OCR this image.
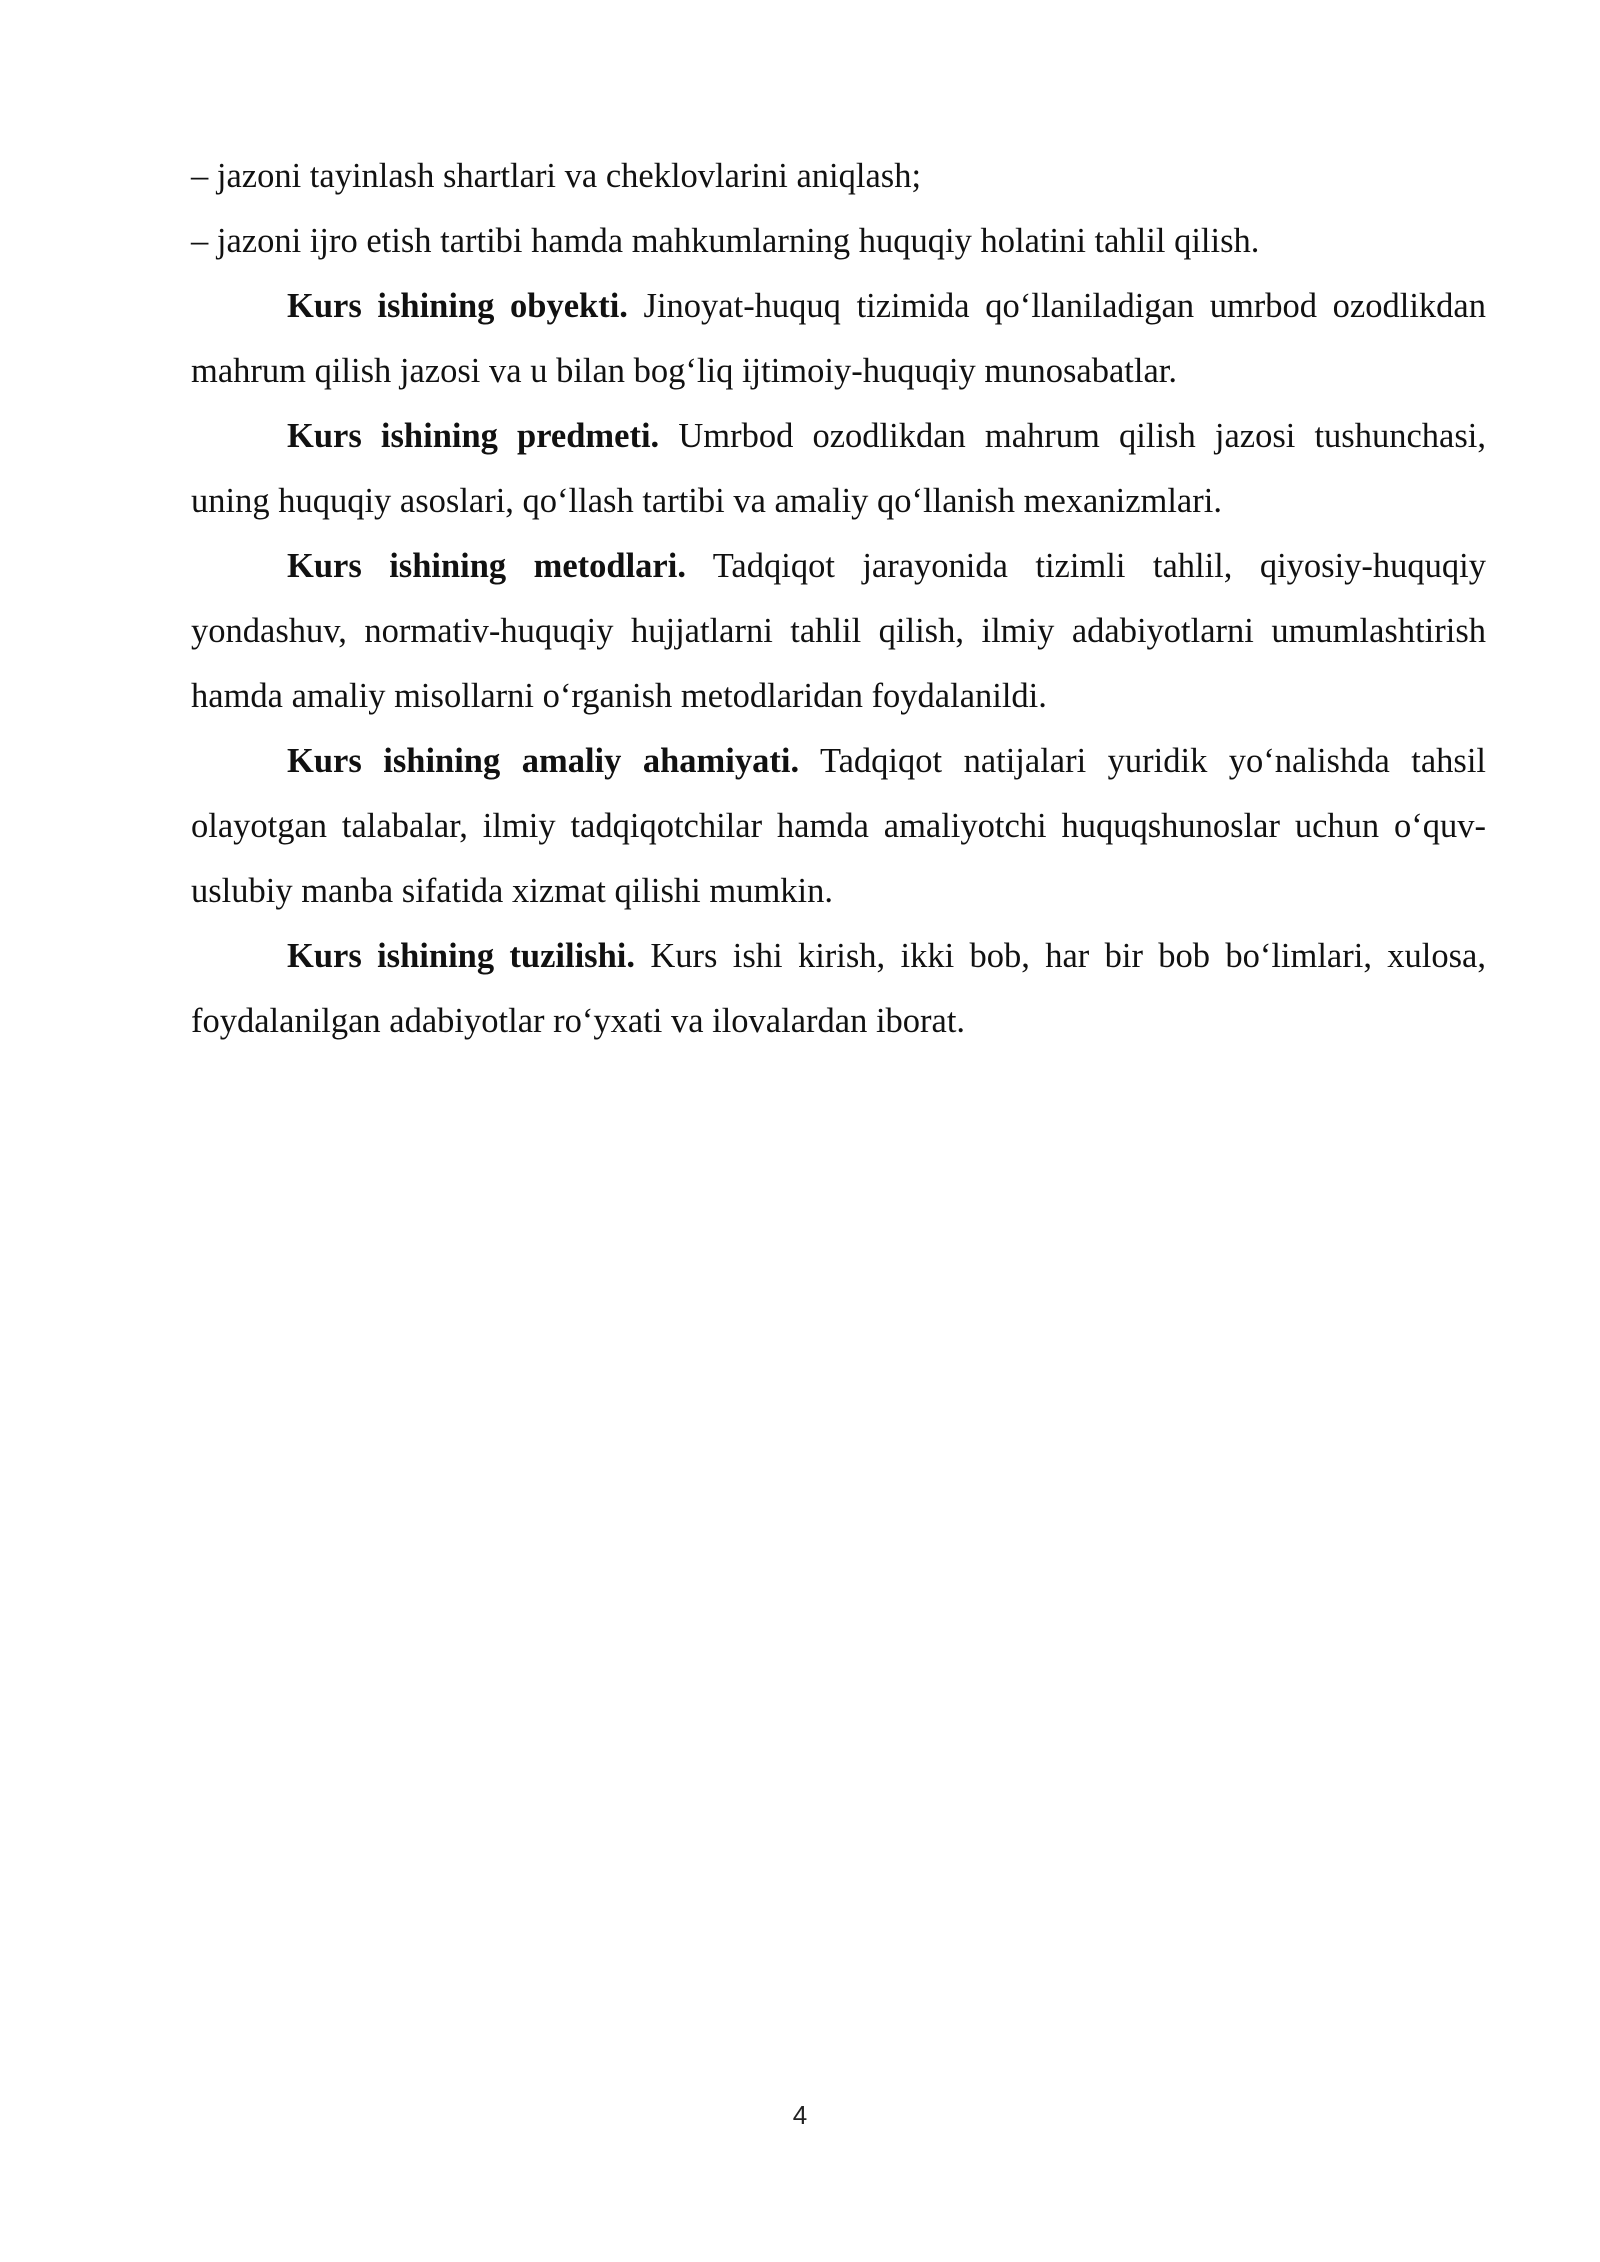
– jazoni tayinlash shartlari va cheklovlarini aniqlash;

– jazoni ijro etish tartibi hamda mahkumlarning huquqiy holatini tahlil qilish.

Kurs ishining obyekti. Jinoyat-huquq tizimida qo‘llaniladigan umrbod ozodlikdan mahrum qilish jazosi va u bilan bog‘liq ijtimoiy-huquqiy munosabatlar.

Kurs ishining predmeti. Umrbod ozodlikdan mahrum qilish jazosi tushunchasi, uning huquqiy asoslari, qo‘llash tartibi va amaliy qo‘llanish mexanizmlari.

Kurs ishining metodlari. Tadqiqot jarayonida tizimli tahlil, qiyosiy-huquqiy yondashuv, normativ-huquqiy hujjatlarni tahlil qilish, ilmiy adabiyotlarni umumlashtirish hamda amaliy misollarni o‘rganish metodlaridan foydalanildi.

Kurs ishining amaliy ahamiyati. Tadqiqot natijalari yuridik yo‘nalishda tahsil olayotgan talabalar, ilmiy tadqiqotchilar hamda amaliyotchi huquqshunoslar uchun o‘quv-uslubiy manba sifatida xizmat qilishi mumkin.

Kurs ishining tuzilishi. Kurs ishi kirish, ikki bob, har bir bob bo‘limlari, xulosa, foydalanilgan adabiyotlar ro‘yxati va ilovalardan iborat.

4
